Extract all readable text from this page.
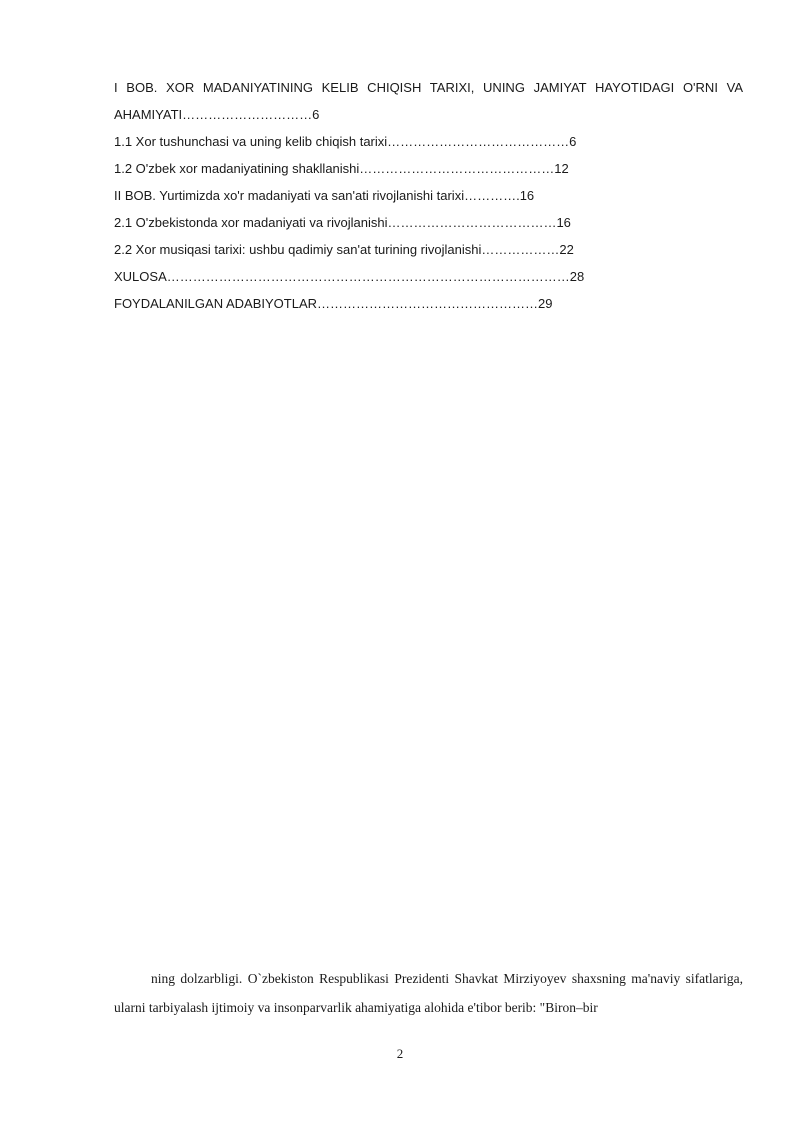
I BOB. XOR MADANIYATINING KELIB CHIQISH TARIXI, UNING JAMIYAT HAYOTIDAGI O'RNI VA AHAMIYATI…………………………6

1.1 Xor tushunchasi va uning kelib chiqish tarixi……………………………………6

1.2 O'zbek xor madaniyatining shakllanishi………………………………………12

II BOB. Yurtimizda xo'r madaniyati va san'ati rivojlanishi tarixi………….16

2.1 O'zbekistonda xor madaniyati va rivojlanishi…………………………………16

2.2 Xor musiqasi tarixi: ushbu qadimiy san'at turining rivojlanishi………………22

XULOSA…………………………………………………………………………………28

FOYDALANILGAN ADABIYOTLAR……………………………………………29

ning dolzarbligi. O`zbekiston Respublikasi Prezidenti Shavkat Mirziyoyev shaxsning ma'naviy sifatlariga, ularni tarbiyalash ijtimoiy va insonparvarlik ahamiyatiga alohida e'tibor berib: "Biron–bir

2
